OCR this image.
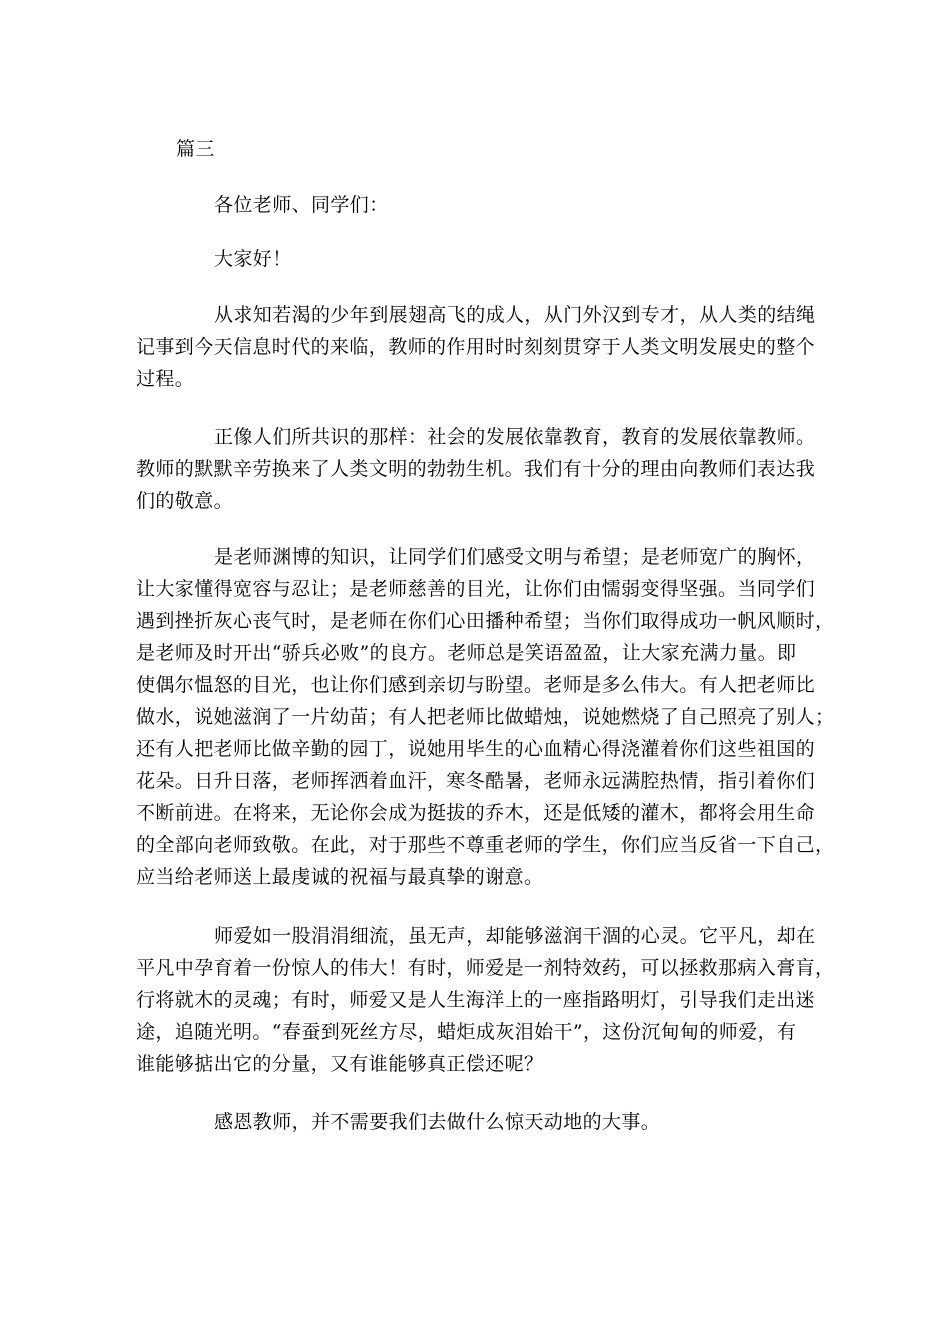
篇三
各位老师、同学们：
大家好！
从求知若渴的少年到展翅高飞的成人，从门外汉到专才，从人类的结绳
记事到今天信息时代的来临，教师的作用时时刻刻贯穿于人类文明发展史的整个
过程。
正像人们所共识的那样：社会的发展依靠教育，教育的发展依靠教师。
教师的默默辛劳换来了人类文明的勃勃生机。我们有十分的理由向教师们表达我
们的敬意。
是老师渊博的知识，让同学们们感受文明与希望；是老师宽广的胸怀，
让大家懂得宽容与忍让；是老师慈善的目光，让你们由懦弱变得坚强。当同学们
遇到挫折灰心丧气时，是老师在你们心田播种希望；当你们取得成功一帆风顺时，
是老师及时开出“骄兵必败”的良方。老师总是笑语盈盈，让大家充满力量。即
使偶尔愠怒的目光，也让你们感到亲切与盼望。老师是多么伟大。有人把老师比
做水，说她滋润了一片幼苗；有人把老师比做蜡烛，说她燃烧了自己照亮了别人；
还有人把老师比做辛勤的园丁，说她用毕生的心血精心得浇灌着你们这些祖国的
花朵。日升日落，老师挥洒着血汗，寒冬酷暑，老师永远满腔热情，指引着你们
不断前进。在将来，无论你会成为挺拔的乔木，还是低矮的灌木，都将会用生命
的全部向老师致敬。在此，对于那些不尊重老师的学生，你们应当反省一下自己，
应当给老师送上最虔诚的祝福与最真挚的谢意。
师爱如一股涓涓细流，虽无声，却能够滋润干涸的心灵。它平凡，却在
平凡中孕育着一份惊人的伟大！有时，师爱是一剂特效药，可以拯救那病入膏肓，
行将就木的灵魂；有时，师爱又是人生海洋上的一座指路明灯，引导我们走出迷
途，追随光明。“春蚕到死丝方尽，蜡炬成灰泪始干”，这份沉甸甸的师爱，有
谁能够掂出它的分量，又有谁能够真正偿还呢？
感恩教师，并不需要我们去做什么惊天动地的大事。
